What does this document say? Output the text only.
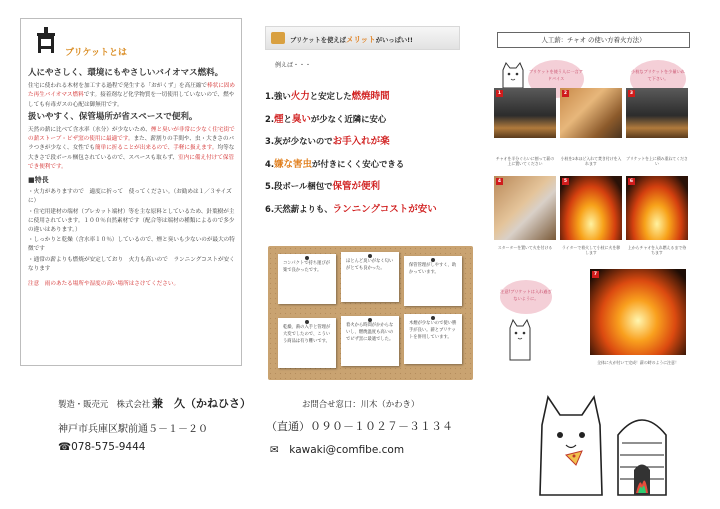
ブリケットとは

人にやさしく、環境にもやさしいバイオマス燃料。

住宅に使われる木材を加工する過程で発生する「おがくず」を高圧縮で棒状に固めた再生バイオマス燃料です。接着剤など化学物質を一切使用していないので、燃やしても有毒ガスの心配は御無用です。

扱いやすく、保管場所が省スペースで便利。

天然の薪に比べて含水率（水分）が少ないため、煙と臭いが非常に少なく住宅街での薪ストーブ・ピザ窯の使用に最適です。また、薪割りの手間や、虫・大きさのバラつきが少なく、女性でも簡単に折ることが出来るので、手軽に扱えます。均等な大きさで段ボール梱包されているので、スペースも取らず、室内に備え付けて保管でき便利です。

■特長
・火力がありますので　適度に折って　使ってください。（お勧めは１／３サイズに）
・住宅用建材の端材（プレカット端材）等を主な原料としているため、針葉樹が主に使用されています。１００％自然素材です（配合等は端材の種類によるので多少の違いはあります。）
・しっかりと乾燥（含水率１０％）しているので、煙と臭いも少ないのが最大の特徴です
・通常の薪よりも燃焼が安定しており　火力も高いので　ランニングコストが安くなります
注意　雨のあたる場所や湿度の高い場所はさけてください。
ブリケットを使えばメリットがいっぱい!!
例えば・・・
1.強い火力と安定した燃焼時間
2.煙と臭いが少なく近隣に安心
3.灰が少ないのでお手入れが楽
4.嫌な害虫が付きにくく安心できる
5.段ボール梱包で保管が便利
6.天然薪よりも、ランニングコストが安い
コンパクトで持ち運びが楽で良かったです。
ほとんど臭いがなく匂いがとても良かった。
保管管理がしやすく、助かっています。
乾燥、薪の入手と管理が大変でしたので、こういう商品は有り難いです。
着火から時間がかからないし、燃焼温度も高いのでピザ窯に最適でした。
木煙が少ないので使い勝手が良い。薪とブリケットを併用しています。
人工薪：チャオ の使い方着火方法）
ブリケットを使う人に一言アドバイス
小枝なブリケットを少量いれて下さい。
1	2	3
チャオを半分ぐらいに割って薪の上に置いてください
小枝を2本ほど入れて焚き付けを入れます
ブリケットを上に積み重ねてください
4	5	6
スターターを置いて火を付ける	ライターで着火して小枝に火を移します
上からチャオを入れ燃えるまで待ちます
注意!ブリケットは入れ過ぎないように。
7
全体に火が付いて完成！薪の時のように注意！
製造・販売元　株式会社 兼　久（かねひさ）
神戸市兵庫区駅前通５－１－２０
☎078-575-9444
お問合せ窓口：川木（かわき）
（直通）０９０－１０２７－３１３４
✉　kawaki@comfibe.com
